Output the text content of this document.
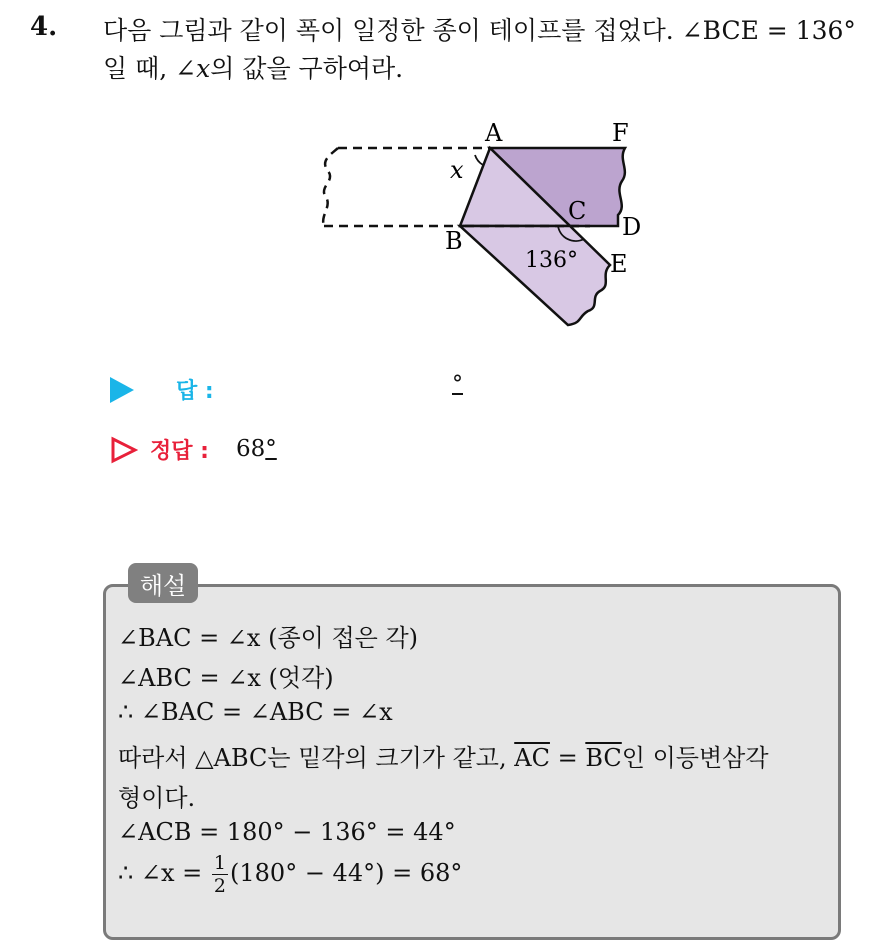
4. 다음 그림과 같이 폭이 일정한 종이 테이프를 접었다. ∠BCE = 136°
일 때, ∠x의 값을 구하여라.
A	F
C
D
B
E
x
136°
답 :	°
정답 : 68°
해설
∠BAC = ∠x (종이 접은 각)
∠ABC = ∠x (엇각)
∴ ∠BAC = ∠ABC = ∠x
따라서 △ABC는 밑각의 크기가 같고, $\overline{AC} = \overline{BC}$인 이등변삼각
형이다.
∠ACB = 180° − 136° = 44°
∴ ∠x = $\frac{1}{2} (180^\circ - 44^\circ) = 68^\circ$
